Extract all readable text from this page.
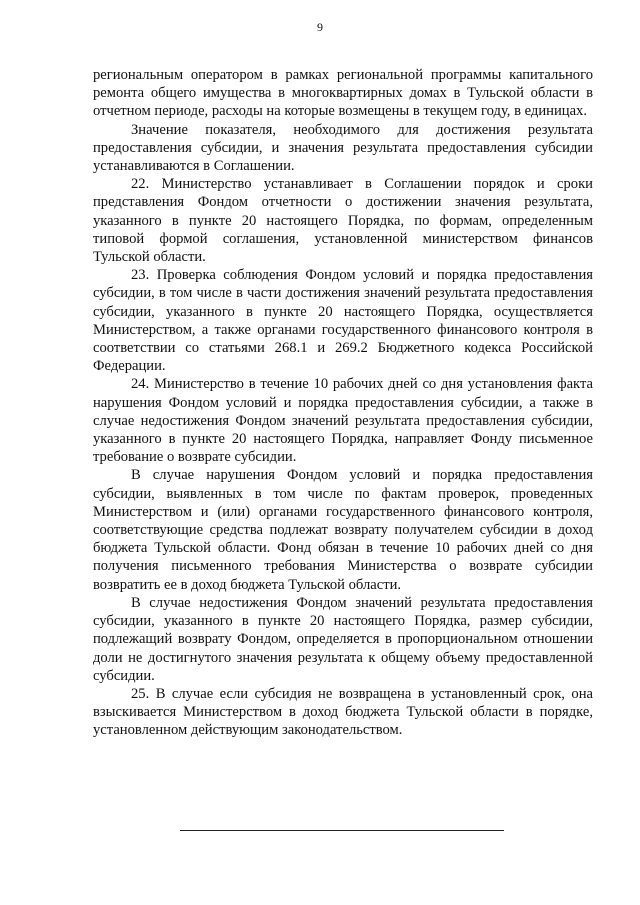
9

региональным оператором в рамках региональной программы капитального ремонта общего имущества в многоквартирных домах в Тульской области в отчетном периоде, расходы на которые возмещены в текущем году, в единицах.

Значение показателя, необходимого для достижения результата предоставления субсидии, и значения результата предоставления субсидии устанавливаются в Соглашении.

22. Министерство устанавливает в Соглашении порядок и сроки представления Фондом отчетности о достижении значения результата, указанного в пункте 20 настоящего Порядка, по формам, определенным типовой формой соглашения, установленной министерством финансов Тульской области.

23. Проверка соблюдения Фондом условий и порядка предоставления субсидии, в том числе в части достижения значений результата предоставления субсидии, указанного в пункте 20 настоящего Порядка, осуществляется Министерством, а также органами государственного финансового контроля в соответствии со статьями 268.1 и 269.2 Бюджетного кодекса Российской Федерации.

24. Министерство в течение 10 рабочих дней со дня установления факта нарушения Фондом условий и порядка предоставления субсидии, а также в случае недостижения Фондом значений результата предоставления субсидии, указанного в пункте 20 настоящего Порядка, направляет Фонду письменное требование о возврате субсидии.

В случае нарушения Фондом условий и порядка предоставления субсидии, выявленных в том числе по фактам проверок, проведенных Министерством и (или) органами государственного финансового контроля, соответствующие средства подлежат возврату получателем субсидии в доход бюджета Тульской области. Фонд обязан в течение 10 рабочих дней со дня получения письменного требования Министерства о возврате субсидии возвратить ее в доход бюджета Тульской области.

В случае недостижения Фондом значений результата предоставления субсидии, указанного в пункте 20 настоящего Порядка, размер субсидии, подлежащий возврату Фондом, определяется в пропорциональном отношении доли не достигнутого значения результата к общему объему предоставленной субсидии.

25. В случае если субсидия не возвращена в установленный срок, она взыскивается Министерством в доход бюджета Тульской области в порядке, установленном действующим законодательством.
